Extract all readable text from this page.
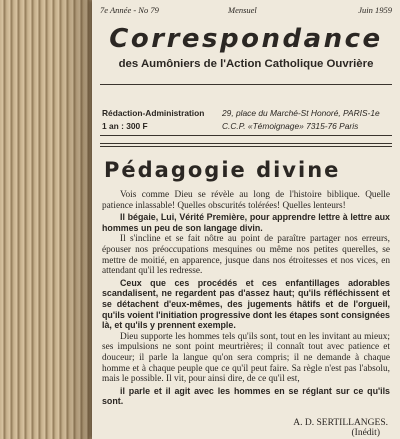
7e Année - No 79	Mensuel	Juin 1959
Correspondance
des Aumôniers de l'Action Catholique Ouvrière
Rédaction-Administration 29, place du Marché-St Honoré, PARIS-1e
1 an : 300 F	C.C.P. «Témoignage» 7315-76 Paris
Pédagogie divine

Vois comme Dieu se révèle au long de l'histoire biblique. Quelle patience inlassable! Quelles obscurités tolérées! Quelles lenteurs!

Il bégaie, Lui, Vérité Première, pour apprendre lettre à lettre aux hommes un peu de son langage divin.

Il s'incline et se fait nôtre au point de paraître partager nos erreurs, épouser nos préoccupations mesquines ou même nos petites querelles, se mettre de moitié, en apparence, jusque dans nos étroitesses et nos vices, en attendant qu'il les redresse.

Ceux que ces procédés et ces enfantillages adorables scandalisent, ne regardent pas d'assez haut; qu'ils réfléchissent et se détachent d'eux-mêmes, des jugements hâtifs et de l'orgueil, qu'ils voient l'initiation progressive dont les étapes sont consignées là, et qu'ils y prennent exemple.

Dieu supporte les hommes tels qu'ils sont, tout en les invitant au mieux; ses impulsions ne sont point meurtrières; il connaît tout avec patience et douceur; il parle la langue qu'on sera compris; il ne demande à chaque homme et à chaque peuple que ce qu'il peut faire. Sa règle n'est pas l'absolu, mais le possible. Il vit, pour ainsi dire, de ce qu'il est,

il parle et il agit avec les hommes en se réglant sur ce qu'ils sont.

A. D. SERTILLANGES.
(Inédit)
